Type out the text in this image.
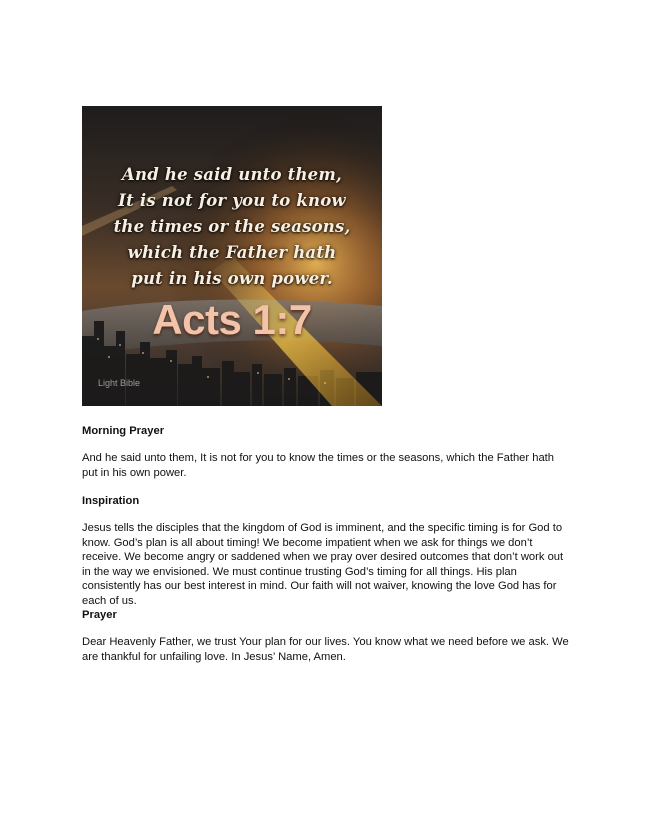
And he said unto them,
It is not for you to know
the times or the seasons,
which the Father hath
put in his own power.
Acts 1:7
Light Bible
Morning Prayer

And he said unto them, It is not for you to know the times or the seasons, which the Father hath put in his own power.

Inspiration

Jesus tells the disciples that the kingdom of God is imminent, and the specific timing is for God to know. God’s plan is all about timing! We become impatient when we ask for things we don’t receive. We become angry or saddened when we pray over desired outcomes that don’t work out in the way we envisioned. We must continue trusting God’s timing for all things. His plan consistently has our best interest in mind. Our faith will not waiver, knowing the love God has for each of us.

Prayer

Dear Heavenly Father, we trust Your plan for our lives. You know what we need before we ask. We are thankful for unfailing love. In Jesus’ Name, Amen.
